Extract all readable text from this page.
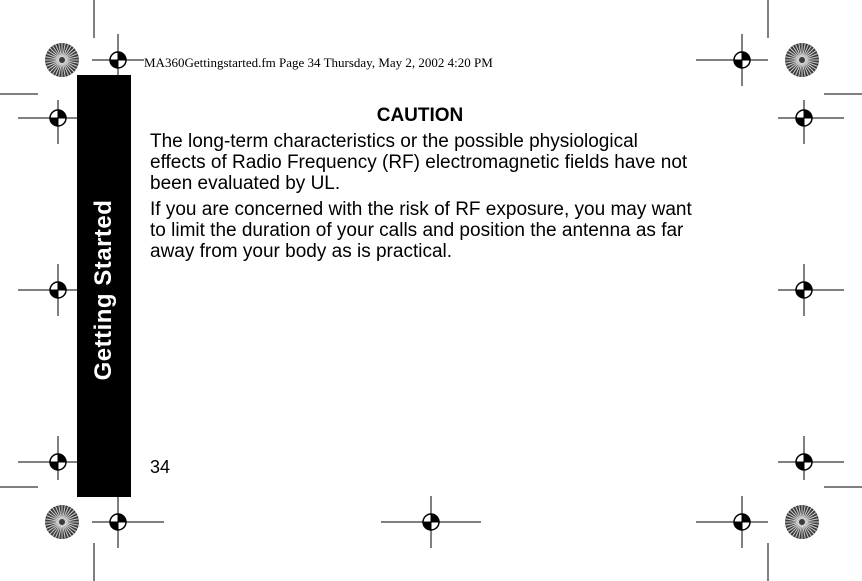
MA360Gettingstarted.fm Page 34 Thursday, May 2, 2002 4:20 PM
Getting Started
CAUTION

The long-term characteristics or the possible physiological effects of Radio Frequency (RF) electromagnetic fields have not been evaluated by UL.

If you are concerned with the risk of RF exposure, you may want to limit the duration of your calls and position the antenna as far away from your body as is practical.

34
